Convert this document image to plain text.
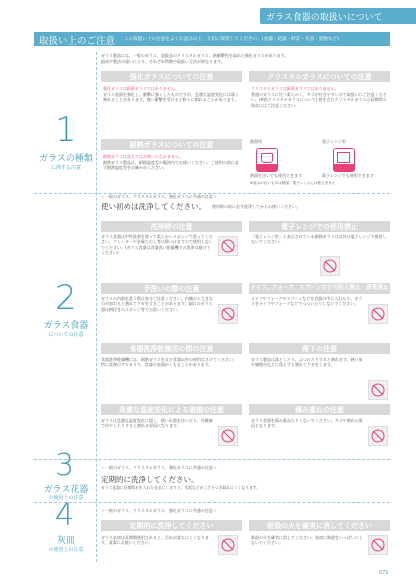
ガラス食器の取扱いについて
取扱い上のご注意 この取扱い上の注意をよくお読みの上、大切に保管してください。(食器・花器・時計・灰皿・置物など)
1
ガラスの種類
に関する注意
ガラス製品には、一般のガラス、高級品のクリスタルガラス、熱衝撃性を高めた強化ガラスがあります。
組成や製法の違いにより、それぞれ特徴や取扱い方法が異なります。
強化ガラスについての注意
強化ガラスは耐熱ガラスではありません。
ガラス表面を強化し、衝撃に強くしたものですが、急激な温度変化には弱く割れることがあります。強い衝撃を受けると粉々に割れることがあります。
クリスタルガラスについての注意
クリスタルガラスは耐熱ガラスではありません。
普通のガラスに比べ柔らかく、キズが付きやすいので取扱いにご注意ください。(※鉛クリスタルガラスについて) 鉛を含むクリスタルガラスは長期間の保存にはご注意ください。
耐熱ガラスについての注意
耐熱ガラスは直火ではお使いになれません。
耐熱ガラス製品は、耐熱温度差の範囲内でお使いください。ご使用の前に必ず耐熱温度差をお確かめください。
熱湯用	電子レンジ用
熱湯を注いでも使用できます	電子レンジでも使用できます
※表示のないものは熱湯・電子レンジには使えません
2
ガラス食器
についての注意
＜一般のガラス、クリスタルガラス、強化ガラスに共通の注意＞
使い初めは洗浄してください。 使用時の前に必ず洗浄してからお使いください。
洗浄時の注意
ガラス食器は中性洗剤を使って柔らかいスポンジで洗ってください。クレンザーや金属たわし等は傷つけますので使用しないでください。(ガラス食器は食器洗い乾燥機での洗浄は避けてください)
電子レンジでの使用禁止
「電子レンジ用」と表示されている耐熱ガラスは以外は電子レンジで使用しないでください。
手洗いの際の注意
ガラスの内面を洗う際は充分ご注意ください。内側から大きな力が加わると割れてケガをすることがあります。細口のガラス器は柄付きのスポンジ等でお洗いください。
ナイフ、フォーク、スプーンなどの投入禁止・保管禁止
ナイフやフォークやスプーンなどを食器の中に入れたり、ガラスをナイフやフォークなどでつついたりしないでください。
食器洗浄乾燥用の際の注意
食器洗浄乾燥機には、耐熱ガラスを含む食器以外の使用はさけてください。特に洗剤のアルカリで、食器の表面がくもることがあります。
落下の注意
ガラス製品は落としたり、ぶつけたりすると割れます。硬い床や調理台などに落とすと割れてケガをします。
急激な温度変化による破損の注意
ガラスは急激な温度変化に弱く、熱いお湯を注いだり、冷蔵庫で冷やしたりすると割れる原因になります。
積み重ねの注意
ガラス食器を積み重ねたりしないでください。キズや割れの原因となります。
3
ガラス花器
の使用上の注意
＜一般のガラス、クリスタルガラス、強化ガラスに共通の注意＞
定期的に洗浄してください。
ガラス花器に長期間水を入れたままにしますと、水垢などがこびりつき取れにくくなります。
4
灰皿
の使用上の注意
＜一般のガラス、クリスタルガラス、強化ガラスに共通の注意＞
定期的に洗浄してください
ガラス灰皿は長期間使用されると、汚れが落ちにくくなります。清潔にお使いください。
吸殻の火を確実に消してください
吸殻の火を確実に消してください。灰皿に吸殻をいっぱいにしないでください。
071
